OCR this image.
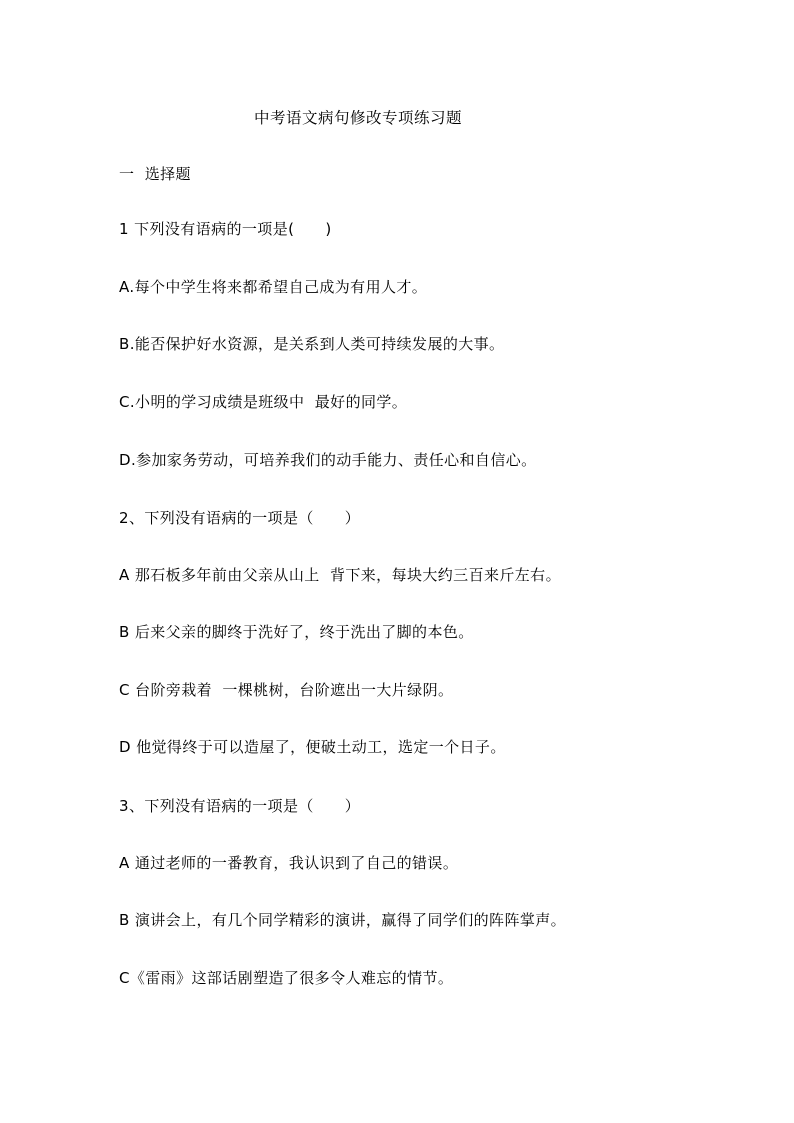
中考语文病句修改专项练习题
一  选择题
1 下列没有语病的一项是(      )
A.每个中学生将来都希望自己成为有用人才。
B.能否保护好水资源，是关系到人类可持续发展的大事。
C.小明的学习成绩是班级中  最好的同学。
D.参加家务劳动，可培养我们的动手能力、责任心和自信心。
2、下列没有语病的一项是（      ）
A 那石板多年前由父亲从山上  背下来，每块大约三百来斤左右。
B 后来父亲的脚终于洗好了，终于洗出了脚的本色。
C 台阶旁栽着  一棵桃树，台阶遮出一大片绿阴。
D 他觉得终于可以造屋了，便破土动工，选定一个日子。
3、下列没有语病的一项是（      ）
A 通过老师的一番教育，我认识到了自己的错误。
B 演讲会上，有几个同学精彩的演讲，赢得了同学们的阵阵掌声。
C《雷雨》这部话剧塑造了很多令人难忘的情节。
